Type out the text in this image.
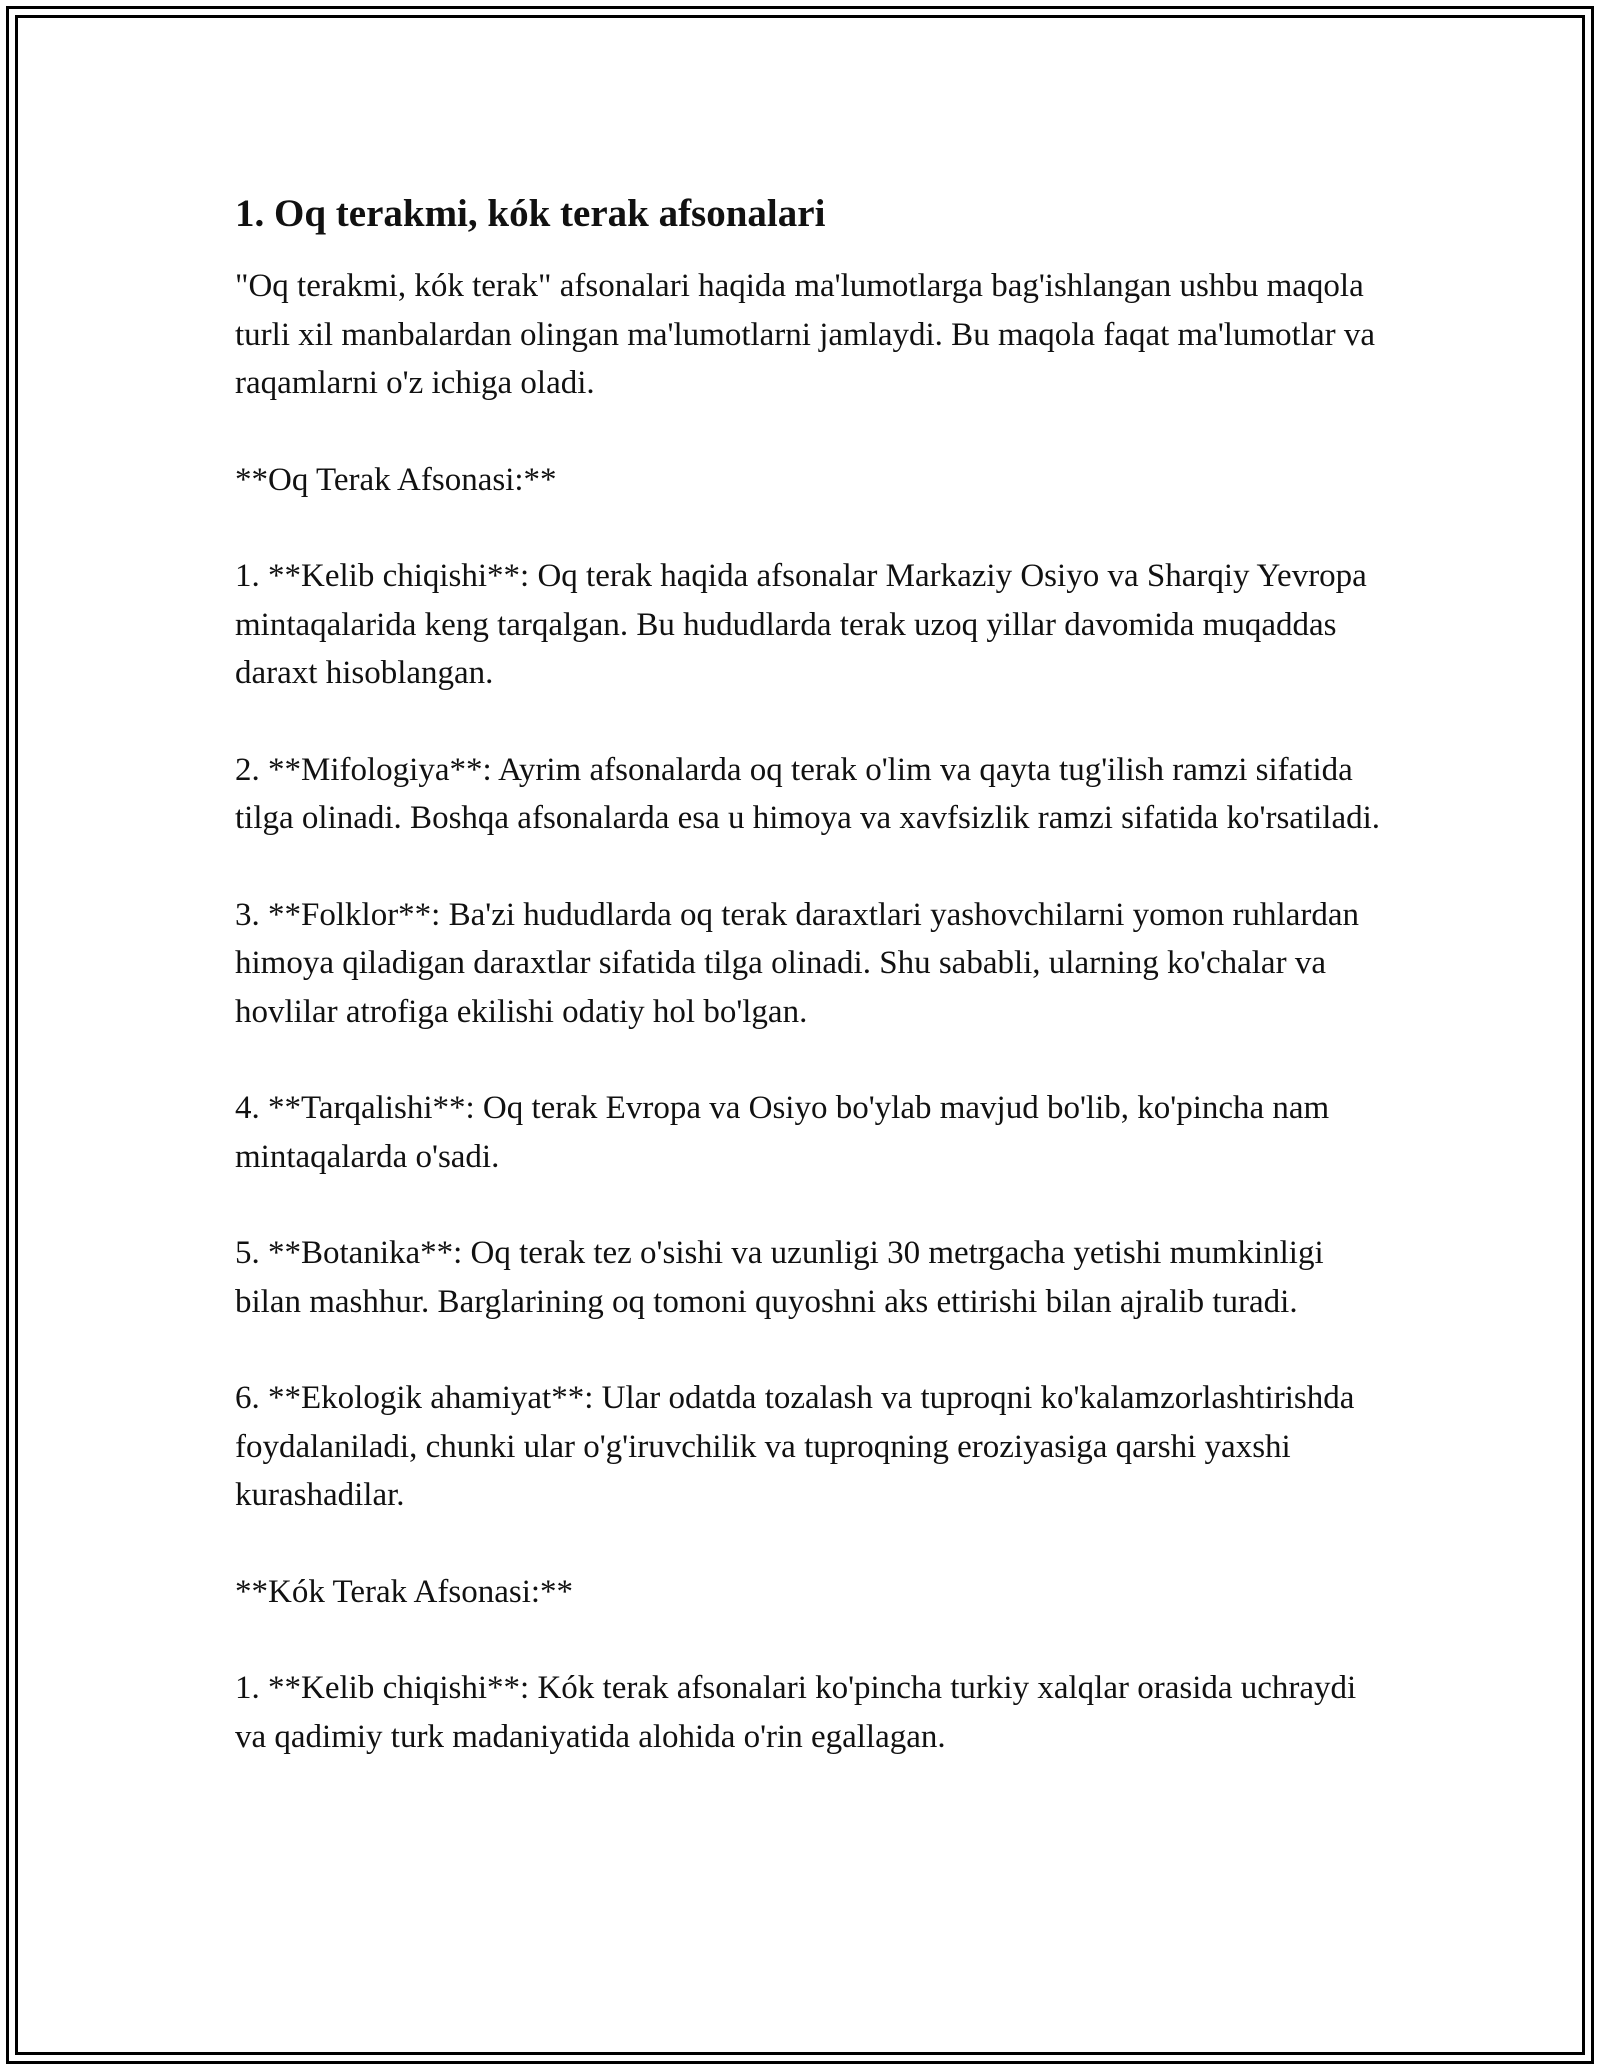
1. Oq terakmi, kók terak afsonalari

"Oq terakmi, kók terak" afsonalari haqida ma'lumotlarga bag'ishlangan ushbu maqola turli xil manbalardan olingan ma'lumotlarni jamlaydi. Bu maqola faqat ma'lumotlar va raqamlarni o'z ichiga oladi.

**Oq Terak Afsonasi:**

1. **Kelib chiqishi**: Oq terak haqida afsonalar Markaziy Osiyo va Sharqiy Yevropa mintaqalarida keng tarqalgan. Bu hududlarda terak uzoq yillar davomida muqaddas daraxt hisoblangan.

2. **Mifologiya**: Ayrim afsonalarda oq terak o'lim va qayta tug'ilish ramzi sifatida tilga olinadi. Boshqa afsonalarda esa u himoya va xavfsizlik ramzi sifatida ko'rsatiladi.

3. **Folklor**: Ba'zi hududlarda oq terak daraxtlari yashovchilarni yomon ruhlardan himoya qiladigan daraxtlar sifatida tilga olinadi. Shu sababli, ularning ko'chalar va hovlilar atrofiga ekilishi odatiy hol bo'lgan.

4. **Tarqalishi**: Oq terak Evropa va Osiyo bo'ylab mavjud bo'lib, ko'pincha nam mintaqalarda o'sadi.

5. **Botanika**: Oq terak tez o'sishi va uzunligi 30 metrgacha yetishi mumkinligi bilan mashhur. Barglarining oq tomoni quyoshni aks ettirishi bilan ajralib turadi.

6. **Ekologik ahamiyat**: Ular odatda tozalash va tuproqni ko'kalamzorlashtirishda foydalaniladi, chunki ular o'g'iruvchilik va tuproqning eroziyasiga qarshi yaxshi kurashadilar.

**Kók Terak Afsonasi:**

1. **Kelib chiqishi**: Kók terak afsonalari ko'pincha turkiy xalqlar orasida uchraydi va qadimiy turk madaniyatida alohida o'rin egallagan.
